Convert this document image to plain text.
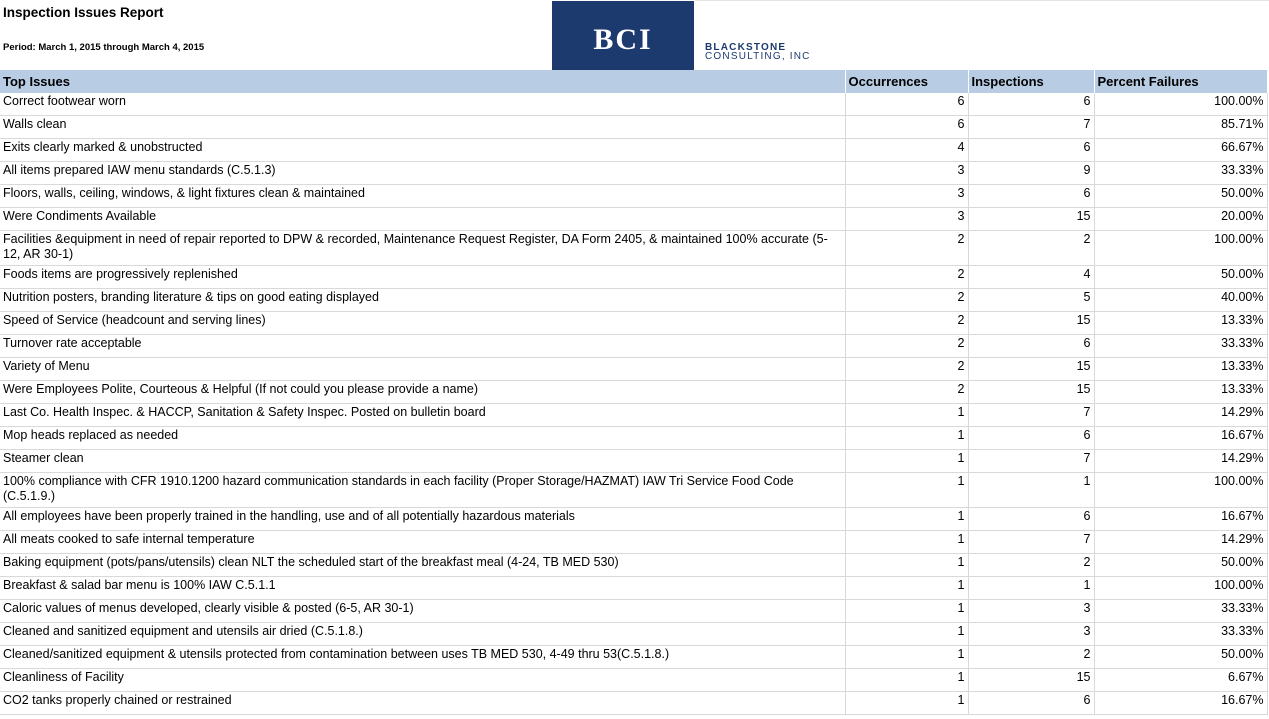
Inspection Issues Report
Period: March 1, 2015 through March 4, 2015	BCI	BLACKSTONE
CONSULTING, INC
Top Issues	Occurrences	Inspections	Percent Failures
Correct footwear worn	6	6	100.00%
Walls clean	6	7	85.71%
Exits clearly marked & unobstructed	4	6	66.67%
All items prepared IAW menu standards (C.5.1.3)	3	9	33.33%
Floors, walls, ceiling, windows, & light fixtures clean & maintained	3	6	50.00%
Were Condiments Available	3	15	20.00%
Facilities &equipment in need of repair reported to DPW & recorded, Maintenance Request Register, DA Form 2405, & maintained 100% accurate (5-12, AR 30-1)	2	2	100.00%
Foods items are progressively replenished	2	4	50.00%
Nutrition posters, branding literature & tips on good eating displayed	2	5	40.00%
Speed of Service (headcount and serving lines)	2	15	13.33%
Turnover rate acceptable	2	6	33.33%
Variety of Menu	2	15	13.33%
Were Employees Polite, Courteous & Helpful (If not could you please provide a name)	2	15	13.33%
Last Co. Health Inspec. & HACCP, Sanitation & Safety Inspec. Posted on bulletin board	1	7	14.29%
Mop heads replaced as needed	1	6	16.67%
Steamer clean	1	7	14.29%
100% compliance with CFR 1910.1200 hazard communication standards in each facility (Proper Storage/HAZMAT) IAW Tri Service Food Code (C.5.1.9.)	1	1	100.00%
All employees have been properly trained in the handling, use and of all potentially hazardous materials	1	6	16.67%
All meats cooked to safe internal temperature	1	7	14.29%
Baking equipment (pots/pans/utensils) clean NLT the scheduled start of the breakfast meal (4-24, TB MED 530)	1	2	50.00%
Breakfast & salad bar menu is 100% IAW C.5.1.1	1	1	100.00%
Caloric values of menus developed, clearly visible & posted (6-5, AR 30-1)	1	3	33.33%
Cleaned and sanitized equipment and utensils air dried (C.5.1.8.)	1	3	33.33%
Cleaned/sanitized equipment & utensils protected from contamination between uses TB MED 530, 4-49 thru 53(C.5.1.8.)	1	2	50.00%
Cleanliness of Facility	1	15	6.67%
CO2 tanks properly chained or restrained	1	6	16.67%
